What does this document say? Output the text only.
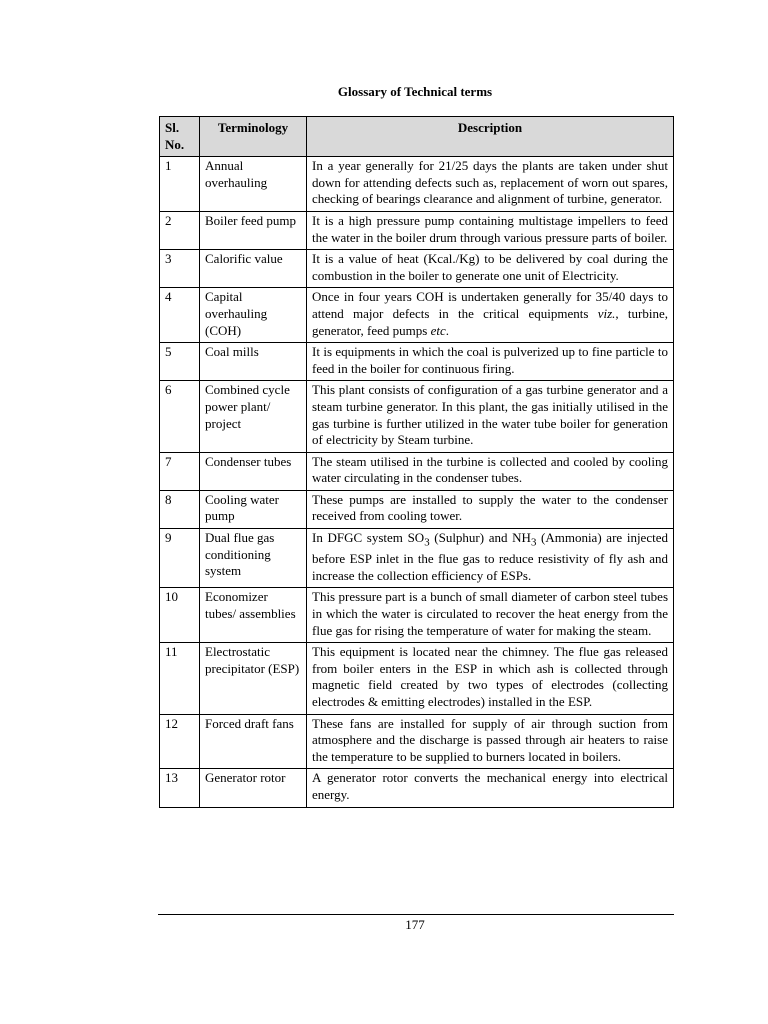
Glossary of Technical terms
Sl. No.	Terminology	Description
1	Annual overhauling	In a year generally for 21/25 days the plants are taken under shut down for attending defects such as, replacement of worn out spares, checking of bearings clearance and alignment of turbine, generator.
2	Boiler feed pump	It is a high pressure pump containing multistage impellers to feed the water in the boiler drum through various pressure parts of boiler.
3	Calorific value	It is a value of heat (Kcal./Kg) to be delivered by coal during the combustion in the boiler to generate one unit of Electricity.
4	Capital overhauling (COH)	Once in four years COH is undertaken generally for 35/40 days to attend major defects in the critical equipments viz., turbine, generator, feed pumps etc.
5	Coal mills	It is equipments in which the coal is pulverized up to fine particle to feed in the boiler for continuous firing.
6	Combined cycle power plant/ project	This plant consists of configuration of a gas turbine generator and a steam turbine generator. In this plant, the gas initially utilised in the gas turbine is further utilized in the water tube boiler for generation of electricity by Steam turbine.
7	Condenser tubes	The steam utilised in the turbine is collected and cooled by cooling water circulating in the condenser tubes.
8	Cooling water pump	These pumps are installed to supply the water to the condenser received from cooling tower.
9	Dual flue gas conditioning system	In DFGC system $SO_3$ (Sulphur) and $NH_3$ (Ammonia) are injected before ESP inlet in the flue gas to reduce resistivity of fly ash and increase the collection efficiency of ESPs.
10	Economizer tubes/ assemblies	This pressure part is a bunch of small diameter of carbon steel tubes in which the water is circulated to recover the heat energy from the flue gas for rising the temperature of water for making the steam.
11	Electrostatic precipitator (ESP)	This equipment is located near the chimney. The flue gas released from boiler enters in the ESP in which ash is collected through magnetic field created by two types of electrodes (collecting electrodes & emitting electrodes) installed in the ESP.
12	Forced draft fans	These fans are installed for supply of air through suction from atmosphere and the discharge is passed through air heaters to raise the temperature to be supplied to burners located in boilers.
13	Generator rotor	A generator rotor converts the mechanical energy into electrical energy.
177
